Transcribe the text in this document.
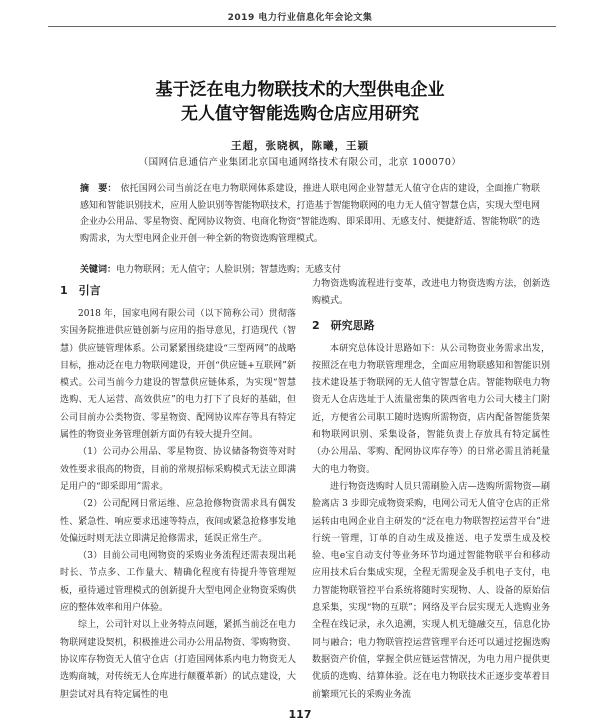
2019 电力行业信息化年会论文集
基于泛在电力物联技术的大型供电企业
无人值守智能选购仓店应用研究
王超，张晓枫，陈曦，王颖
（国网信息通信产业集团北京国电通网络技术有限公司，北京 100070）
摘　要： 依托国网公司当前泛在电力物联网体系建设，推进人联电网企业智慧无人值守仓店的建设，全面推广物联感知和智能识别技术，应用人脸识别等智能物联技术，打造基于智能物联网的电力无人值守智慧仓店，实现大型电网企业办公用品、零星物资、配网协议物资、电商化物资“智能选购、即采即用、无感支付、便捷舒适、智能物联”的选购需求，为大型电网企业开创一种全新的物资选购管理模式。
关键词：电力物联网；无人值守；人脸识别；智慧选购；无感支付
1　引言

2018 年，国家电网有限公司（以下简称公司）贯彻落实国务院推进供应链创新与应用的指导意见，打造现代（智慧）供应链管理体系。公司紧紧围绕建设“三型两网”的战略目标，推动泛在电力物联网建设，开创“供应链+互联网”新模式。公司当前今力建设的智慧供应链体系，为实现“智慧选购、无人运营、高效供应”的电力打下了良好的基础，但公司目前办公类物资、零星物资、配网协议库存等具有特定属性的物资业务管理创新方面仍有较大提升空间。

（1）公司办公用品、零星物资、协议储备物资等对时效性要求很高的物资，目前的常规招标采购模式无法立即满足用户的“即采即用”需求。

（2）公司配网日常运维、应急抢修物资需求具有偶发性、紧急性、响应要求迅速等特点，夜间或紧急抢修事发地处偏远时则无法立即满足抢修需求，延误正常生产。

（3）目前公司电网物资的采购业务流程还需表现出耗时长、节点多、工作量大、精确化程度有待提升等管理短板，亟待通过管理模式的创新提升大型电网企业物资采购供应的整体效率和用户体验。

综上，公司针对以上业务特点问题，紧抓当前泛在电力物联网建设契机，积极推进公司办公用品物资、零购物资、协议库存物资无人值守仓店（打造国网体系内电力物资无人选购商城，对传统无人仓库进行颠覆革新）的试点建设，大胆尝试对具有特定属性的电

力物资选购流程进行变革，改进电力物资选购方法，创新选购模式。

2　研究思路

本研究总体设计思路如下：从公司物资业务需求出发，按照泛在电力物联管理理念，全面应用物联感知和智能识别技术建设基于物联网的无人值守智慧仓店。智能物联电力物资无人仓店选址于人流量密集的陕西省电力公司大楼主门附近，方便省公司职工随时选购所需物资，店内配备智能货架和物联网识别、采集设备，智能负责上存放具有特定属性（办公用品、零购、配网协议库存等）的日常必需且消耗量大的电力物资。

进行物资选购时人员只需刷脸入店—选购所需物资—刷脸离店 3 步即完成物资采购，电网公司无人值守仓店的正常运转由电网企业自主研发的“泛在电力物联智控运营平台”进行统一管理，订单的自动生成及推送、电子发票生成及校验、电e宝自动支付等业务环节均通过智能物联平台和移动应用技术后台集成实现，全程无需现金及手机电子支付，电力智能物联管控平台系统将随时实现物、人、设备的原始信息采集，实现“物的互联”；网络及平台层实现无人选购业务全程在线记录，永久追溯，实现人机无缝融交互，信息化协同与融合；电力物联管控运营管理平台还可以通过挖掘选购数据资产价值，掌握全供应链运营情况，为电力用户提供更优质的选购、结算体验。泛在电力物联技术正逐步变革着目前繁琐冗长的采购业务流

117
